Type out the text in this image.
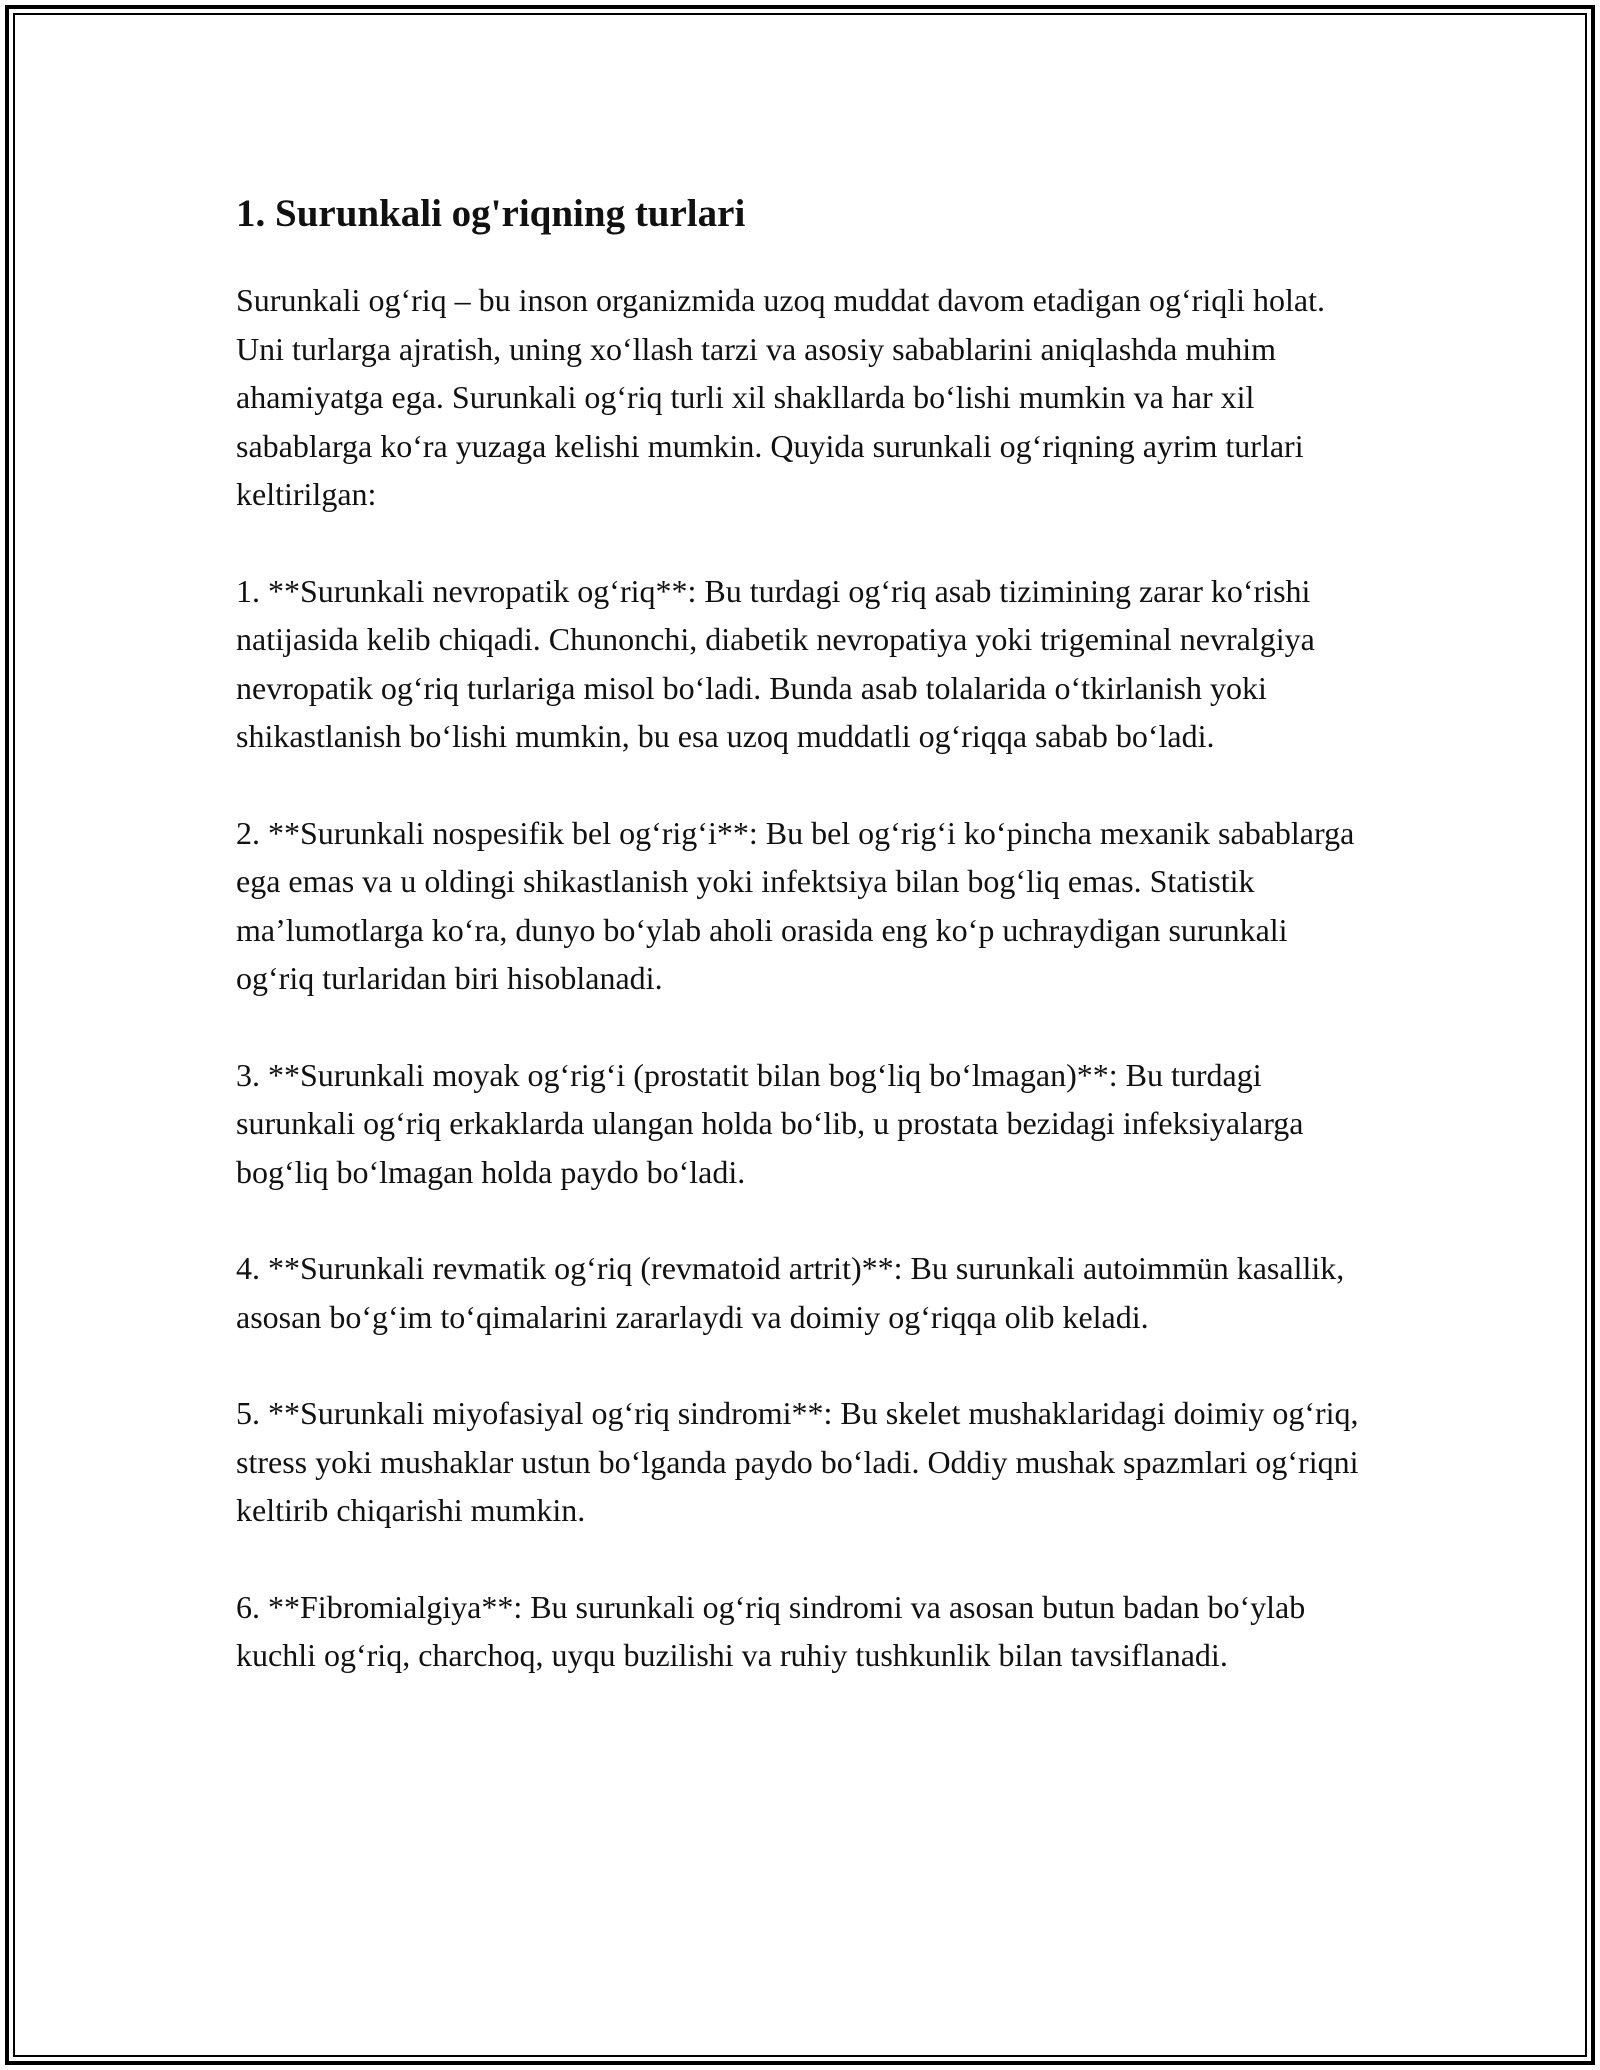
1. Surunkali og'riqning turlari

Surunkali og‘riq – bu inson organizmida uzoq muddat davom etadigan og‘riqli holat. Uni turlarga ajratish, uning xo‘llash tarzi va asosiy sabablarini aniqlashda muhim ahamiyatga ega. Surunkali og‘riq turli xil shakllarda bo‘lishi mumkin va har xil sabablarga ko‘ra yuzaga kelishi mumkin. Quyida surunkali og‘riqning ayrim turlari keltirilgan:

1. **Surunkali nevropatik og‘riq**: Bu turdagi og‘riq asab tizimining zarar ko‘rishi natijasida kelib chiqadi. Chunonchi, diabetik nevropatiya yoki trigeminal nevralgiya nevropatik og‘riq turlariga misol bo‘ladi. Bunda asab tolalarida o‘tkirlanish yoki shikastlanish bo‘lishi mumkin, bu esa uzoq muddatli og‘riqqa sabab bo‘ladi.

2. **Surunkali nospesifik bel og‘rig‘i**: Bu bel og‘rig‘i ko‘pincha mexanik sabablarga ega emas va u oldingi shikastlanish yoki infektsiya bilan bog‘liq emas. Statistik ma’lumotlarga ko‘ra, dunyo bo‘ylab aholi orasida eng ko‘p uchraydigan surunkali og‘riq turlaridan biri hisoblanadi.

3. **Surunkali moyak og‘rig‘i (prostatit bilan bog‘liq bo‘lmagan)**: Bu turdagi surunkali og‘riq erkaklarda ulangan holda bo‘lib, u prostata bezidagi infeksiyalarga bog‘liq bo‘lmagan holda paydo bo‘ladi.

4. **Surunkali revmatik og‘riq (revmatoid artrit)**: Bu surunkali autoimmün kasallik, asosan bo‘g‘im to‘qimalarini zararlaydi va doimiy og‘riqqa olib keladi.

5. **Surunkali miyofasiyal og‘riq sindromi**: Bu skelet mushaklaridagi doimiy og‘riq, stress yoki mushaklar ustun bo‘lganda paydo bo‘ladi. Oddiy mushak spazmlari og‘riqni keltirib chiqarishi mumkin.

6. **Fibromialgiya**: Bu surunkali og‘riq sindromi va asosan butun badan bo‘ylab kuchli og‘riq, charchoq, uyqu buzilishi va ruhiy tushkunlik bilan tavsiflanadi.
